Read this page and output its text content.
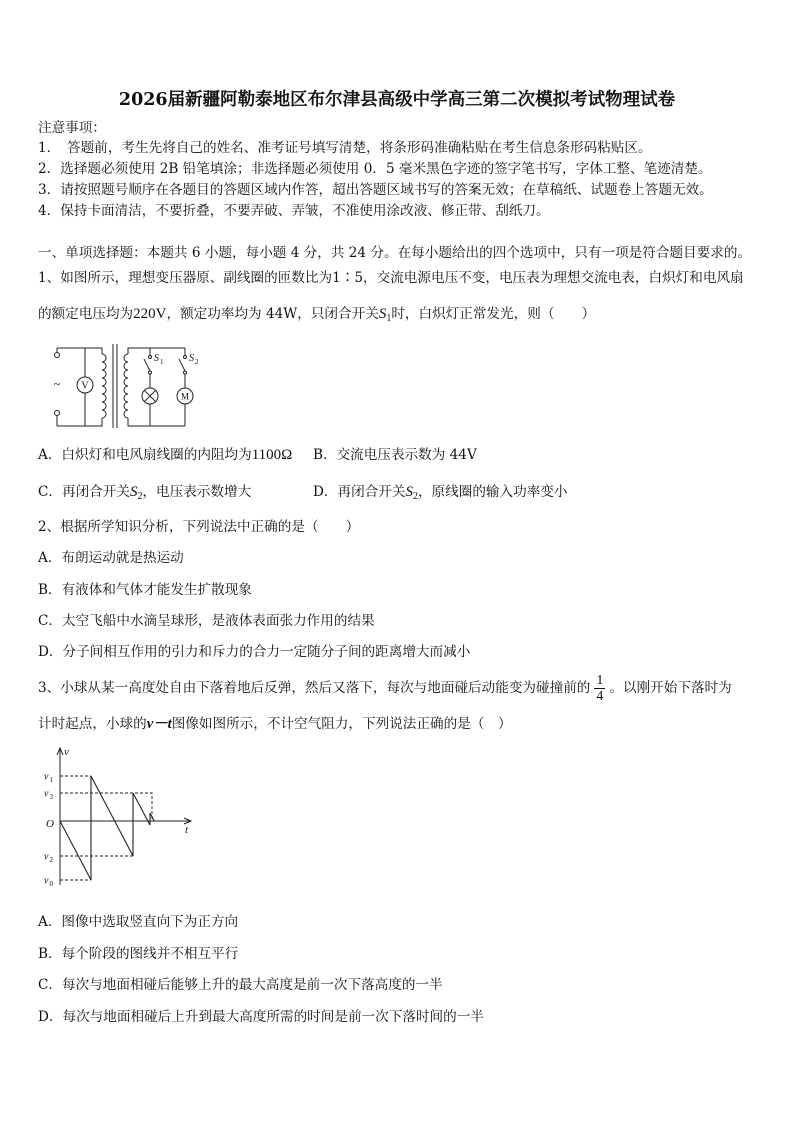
2026届新疆阿勒泰地区布尔津县高级中学高三第二次模拟考试物理试卷
注意事项：
1．　答题前，考生先将自己的姓名、准考证号填写清楚，将条形码准确粘贴在考生信息条形码粘贴区。
2．选择题必须使用 2B 铅笔填涂；非选择题必须使用 0．5 毫米黑色字迹的签字笔书写，字体工整、笔迹清楚。
3．请按照题号顺序在各题目的答题区域内作答，超出答题区域书写的答案无效；在草稿纸、试题卷上答题无效。
4．保持卡面清洁，不要折叠，不要弄破、弄皱，不准使用涂改液、修正带、刮纸刀。
一、单项选择题：本题共 6 小题，每小题 4 分，共 24 分。在每小题给出的四个选项中，只有一项是符合题目要求的。
1、如图所示，理想变压器原、副线圈的匝数比为1∶5，交流电源电压不变，电压表为理想交流电表，白炽灯和电风扇
的额定电压均为220V，额定功率均为 44W，只闭合开关$S_1$时，白炽灯正常发光，则（　　）
~ V
S 1	S 2
M
A．白炽灯和电风扇线圈的内阻均为1100Ω B．交流电压表示数为 44V
C．再闭合开关$S_2$，电压表示数增大	D．再闭合开关$S_2$，原线圈的输入功率变小
2、根据所学知识分析，下列说法中正确的是（　　）
A．布朗运动就是热运动
B．有液体和气体才能发生扩散现象
C．太空飞船中水滴呈球形，是液体表面张力作用的结果
D．分子间相互作用的引力和斥力的合力一定随分子间的距离增大而减小
3、小球从某一高度处自由下落着地后反弹，然后又落下，每次与地面碰后动能变为碰撞前的 $\frac{1}{4}$ 。以刚开始下落时为
计时起点，小球的v－t图像如图所示，不计空气阻力，下列说法正确的是（　）
v
t
O
v 1
v 3
v 2
v 0
A．图像中选取竖直向下为正方向
B．每个阶段的图线并不相互平行
C．每次与地面相碰后能够上升的最大高度是前一次下落高度的一半
D．每次与地面相碰后上升到最大高度所需的时间是前一次下落时间的一半
